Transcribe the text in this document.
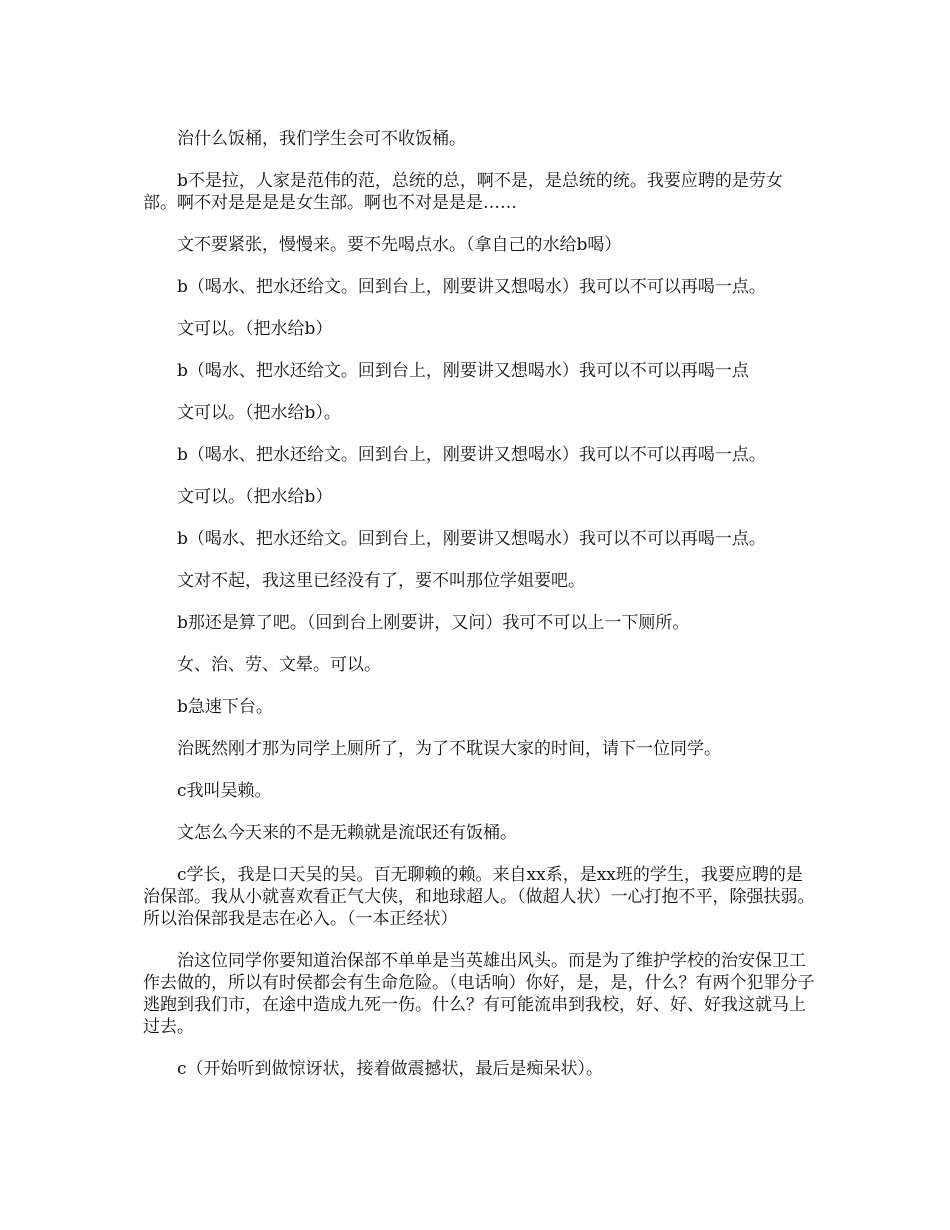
治什么饭桶，我们学生会可不收饭桶。

b不是拉，人家是范伟的范，总统的总，啊不是，是总统的统。我要应聘的是劳女部。啊不对是是是是女生部。啊也不对是是是……

文不要紧张，慢慢来。要不先喝点水。（拿自己的水给b喝）

b（喝水、把水还给文。回到台上，刚要讲又想喝水）我可以不可以再喝一点。

文可以。（把水给b）

b（喝水、把水还给文。回到台上，刚要讲又想喝水）我可以不可以再喝一点

文可以。（把水给b）。

b（喝水、把水还给文。回到台上，刚要讲又想喝水）我可以不可以再喝一点。

文可以。（把水给b）

b（喝水、把水还给文。回到台上，刚要讲又想喝水）我可以不可以再喝一点。

文对不起，我这里已经没有了，要不叫那位学姐要吧。

b那还是算了吧。（回到台上刚要讲，又问）我可不可以上一下厕所。

女、治、劳、文晕。可以。

b急速下台。

治既然刚才那为同学上厕所了，为了不耽误大家的时间，请下一位同学。

c我叫吴赖。

文怎么今天来的不是无赖就是流氓还有饭桶。

c学长，我是口天吴的吴。百无聊赖的赖。来自xx系，是xx班的学生，我要应聘的是治保部。我从小就喜欢看正气大侠，和地球超人。（做超人状）一心打抱不平，除强扶弱。所以治保部我是志在必入。（一本正经状）

治这位同学你要知道治保部不单单是当英雄出风头。而是为了维护学校的治安保卫工作去做的，所以有时侯都会有生命危险。（电话响）你好，是，是，什么？有两个犯罪分子逃跑到我们市，在途中造成九死一伤。什么？有可能流串到我校，好、好、好我这就马上过去。

c（开始听到做惊讶状，接着做震撼状，最后是痴呆状）。
